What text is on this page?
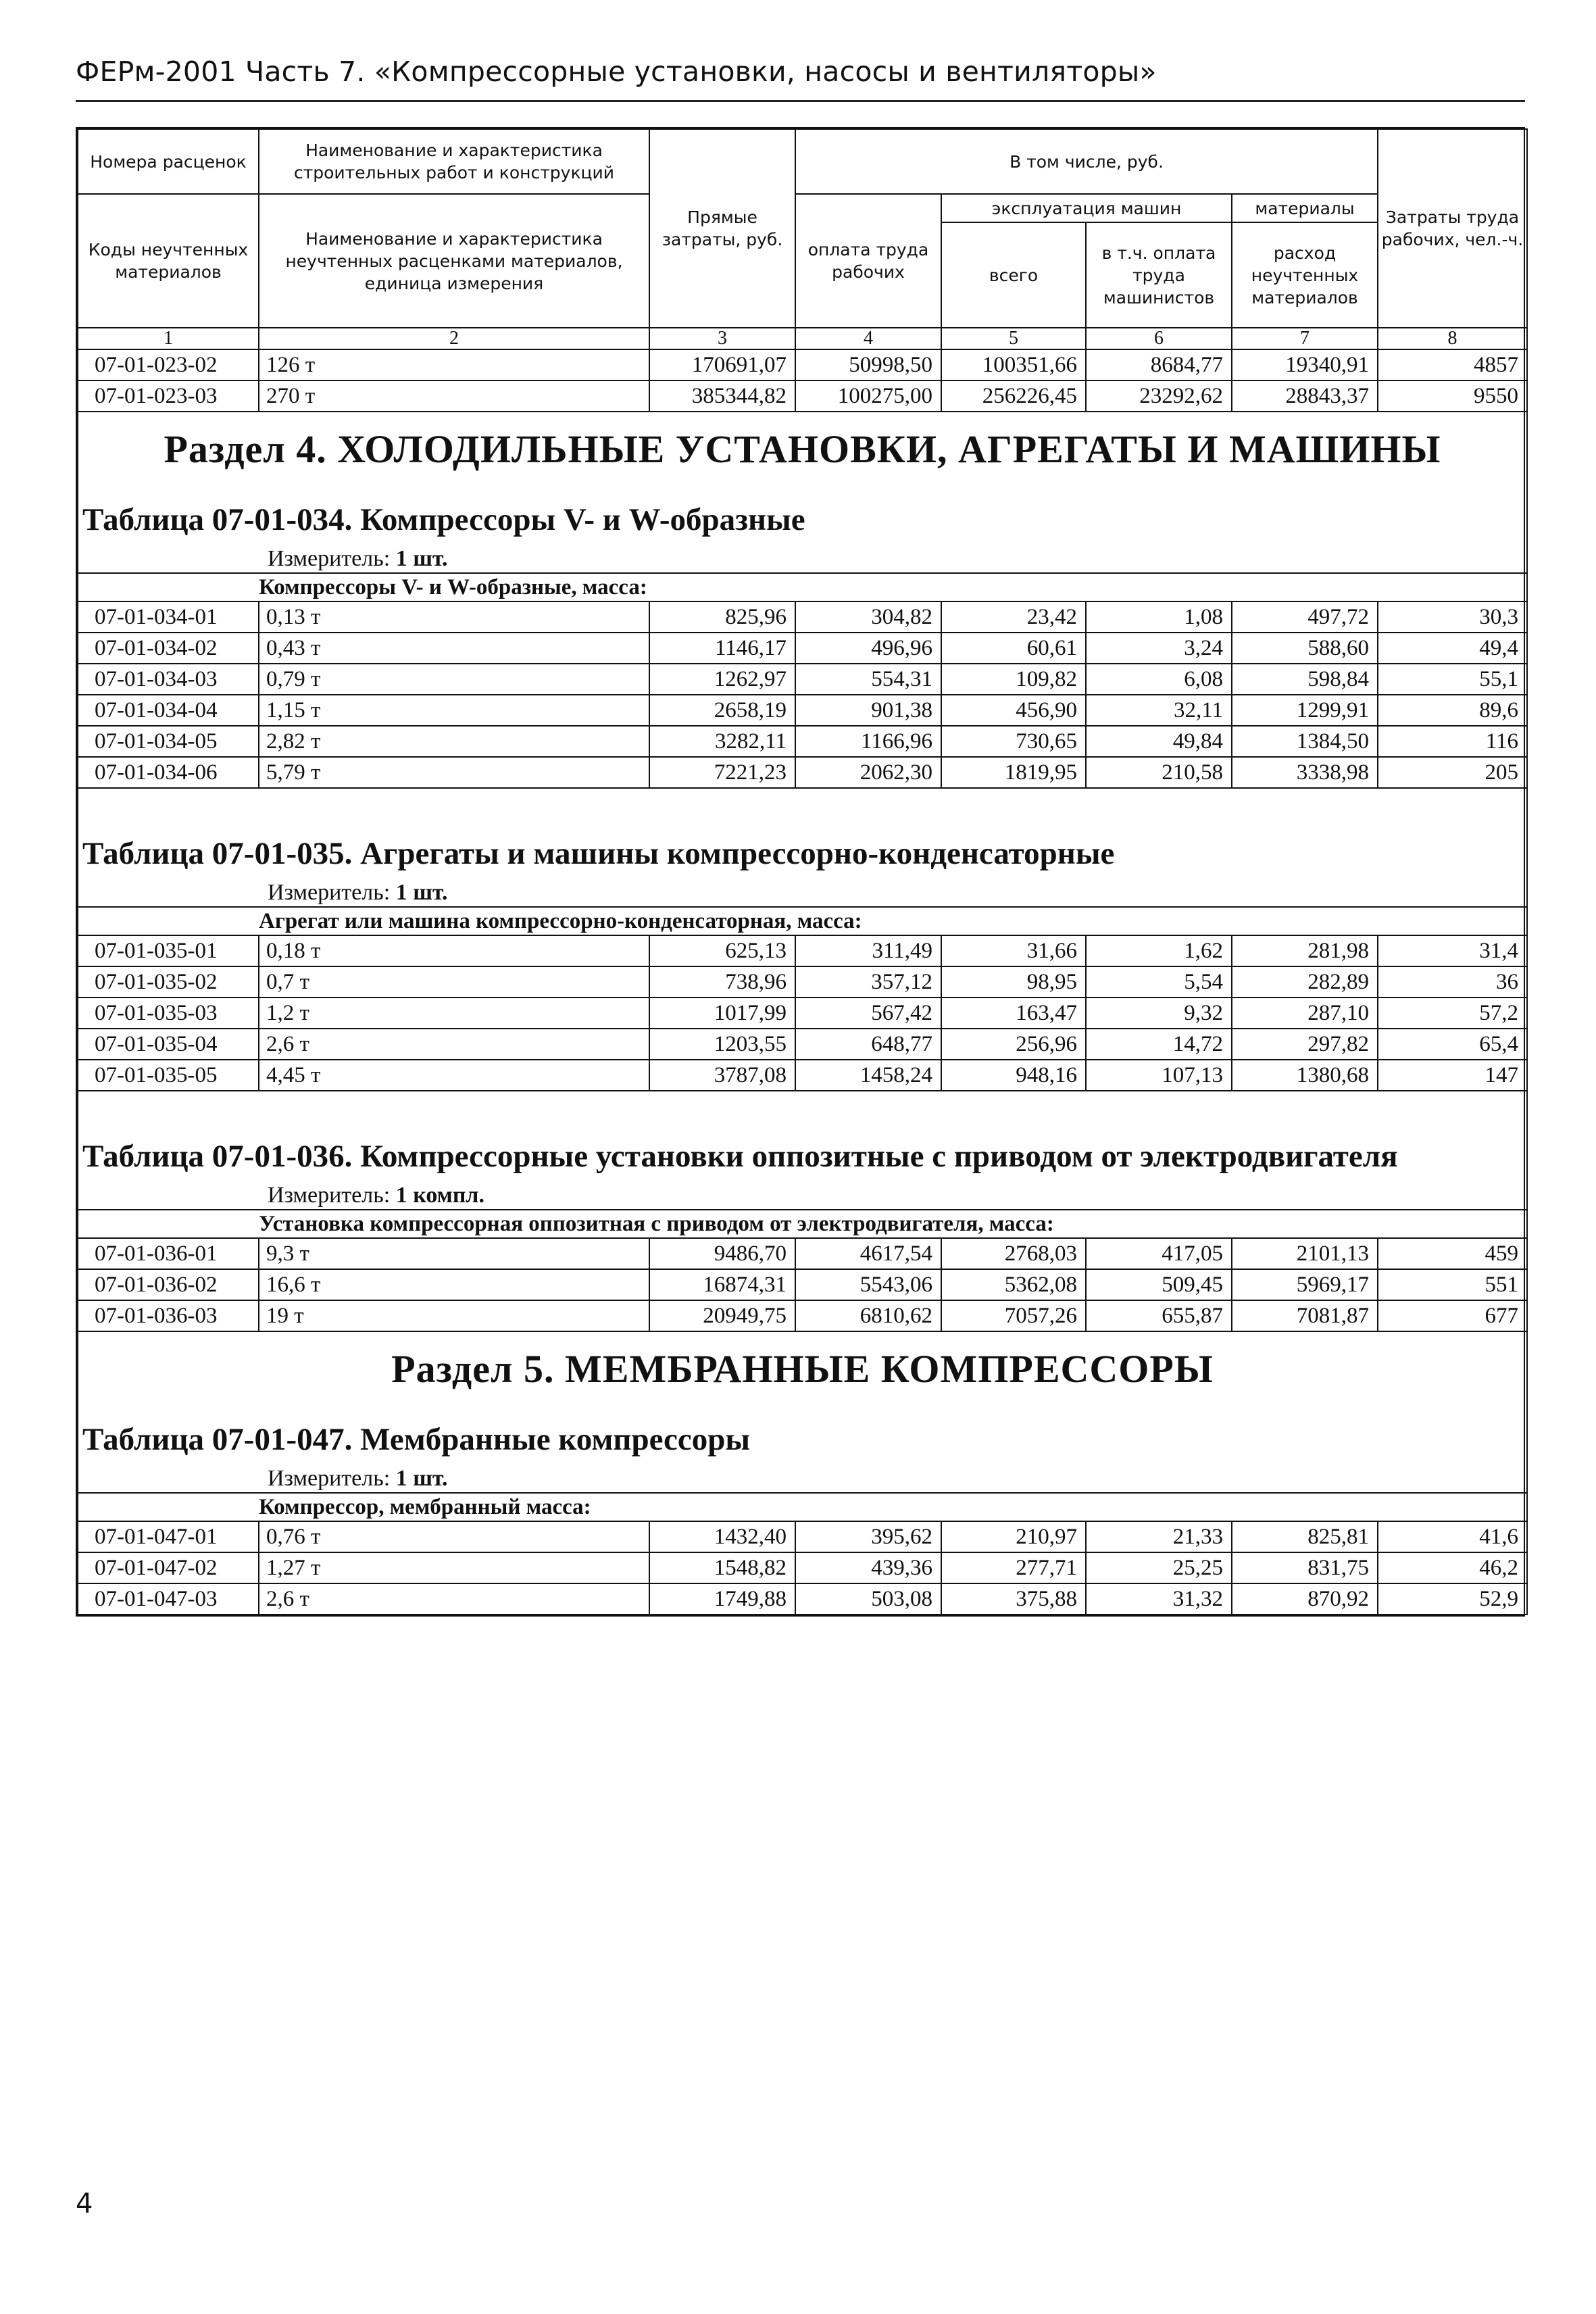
ФЕРм-2001 Часть 7. «Компрессорные установки, насосы и вентиляторы»
Номера расценок	Наименование и характеристика строительных работ и конструкций	Прямые затраты, руб.	В том числе, руб.				Затраты труда рабочих, чел.-ч.
Коды неучтенных материалов	Наименование и характеристика неучтенных расценками материалов, единица измерения		оплата труда рабочих	эксплуатация машин		материалы	
				всего	в т.ч. оплата труда машинистов	расход неучтенных материалов	
1	2	3	4	5	6	7	8
07-01-023-02	126 т	170691,07	50998,50	100351,66	8684,77	19340,91	4857
07-01-023-03	270 т	385344,82	100275,00	256226,45	23292,62	28843,37	9550
Раздел 4. ХОЛОДИЛЬНЫЕ УСТАНОВКИ, АГРЕГАТЫ И МАШИНЫ							
Таблица 07-01-034. Компрессоры V- и W-образные							
Измеритель: 1 шт.							
	Компрессоры V- и W-образные, масса:						
07-01-034-01	0,13 т	825,96	304,82	23,42	1,08	497,72	30,3
07-01-034-02	0,43 т	1146,17	496,96	60,61	3,24	588,60	49,4
07-01-034-03	0,79 т	1262,97	554,31	109,82	6,08	598,84	55,1
07-01-034-04	1,15 т	2658,19	901,38	456,90	32,11	1299,91	89,6
07-01-034-05	2,82 т	3282,11	1166,96	730,65	49,84	1384,50	116
07-01-034-06	5,79 т	7221,23	2062,30	1819,95	210,58	3338,98	205

Таблица 07-01-035. Агрегаты и машины компрессорно-конденсаторные							
Измеритель: 1 шт.							
	Агрегат или машина компрессорно-конденсаторная, масса:						
07-01-035-01	0,18 т	625,13	311,49	31,66	1,62	281,98	31,4
07-01-035-02	0,7 т	738,96	357,12	98,95	5,54	282,89	36
07-01-035-03	1,2 т	1017,99	567,42	163,47	9,32	287,10	57,2
07-01-035-04	2,6 т	1203,55	648,77	256,96	14,72	297,82	65,4
07-01-035-05	4,45 т	3787,08	1458,24	948,16	107,13	1380,68	147

Таблица 07-01-036. Компрессорные установки оппозитные с приводом от электродвигателя							
Измеритель: 1 компл.							
	Установка компрессорная оппозитная с приводом от электродвигателя, масса:						
07-01-036-01	9,3 т	9486,70	4617,54	2768,03	417,05	2101,13	459
07-01-036-02	16,6 т	16874,31	5543,06	5362,08	509,45	5969,17	551
07-01-036-03	19 т	20949,75	6810,62	7057,26	655,87	7081,87	677
Раздел 5. МЕМБРАННЫЕ КОМПРЕССОРЫ							
Таблица 07-01-047. Мембранные компрессоры							
Измеритель: 1 шт.							
	Компрессор, мембранный масса:						
07-01-047-01	0,76 т	1432,40	395,62	210,97	21,33	825,81	41,6
07-01-047-02	1,27 т	1548,82	439,36	277,71	25,25	831,75	46,2
07-01-047-03	2,6 т	1749,88	503,08	375,88	31,32	870,92	52,9
4
